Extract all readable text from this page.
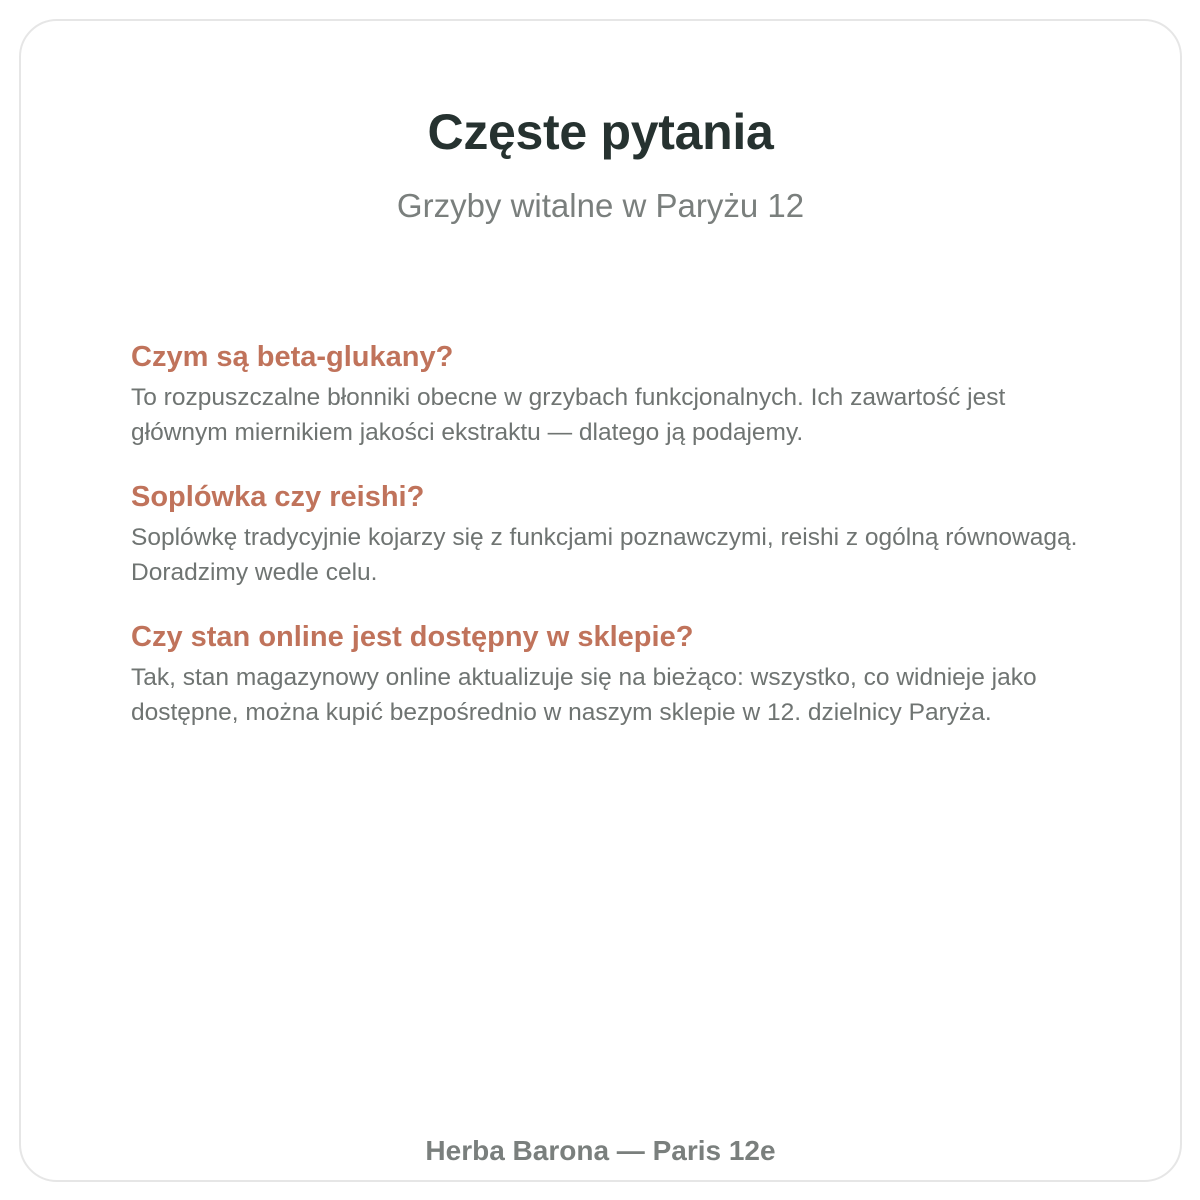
Częste pytania
Grzyby witalne w Paryżu 12
Czym są beta-glukany?
To rozpuszczalne błonniki obecne w grzybach funkcjonalnych. Ich zawartość jest głównym miernikiem jakości ekstraktu — dlatego ją podajemy.
Soplówka czy reishi?
Soplówkę tradycyjnie kojarzy się z funkcjami poznawczymi, reishi z ogólną równowagą. Doradzimy wedle celu.
Czy stan online jest dostępny w sklepie?
Tak, stan magazynowy online aktualizuje się na bieżąco: wszystko, co widnieje jako dostępne, można kupić bezpośrednio w naszym sklepie w 12. dzielnicy Paryża.
Herba Barona — Paris 12e
